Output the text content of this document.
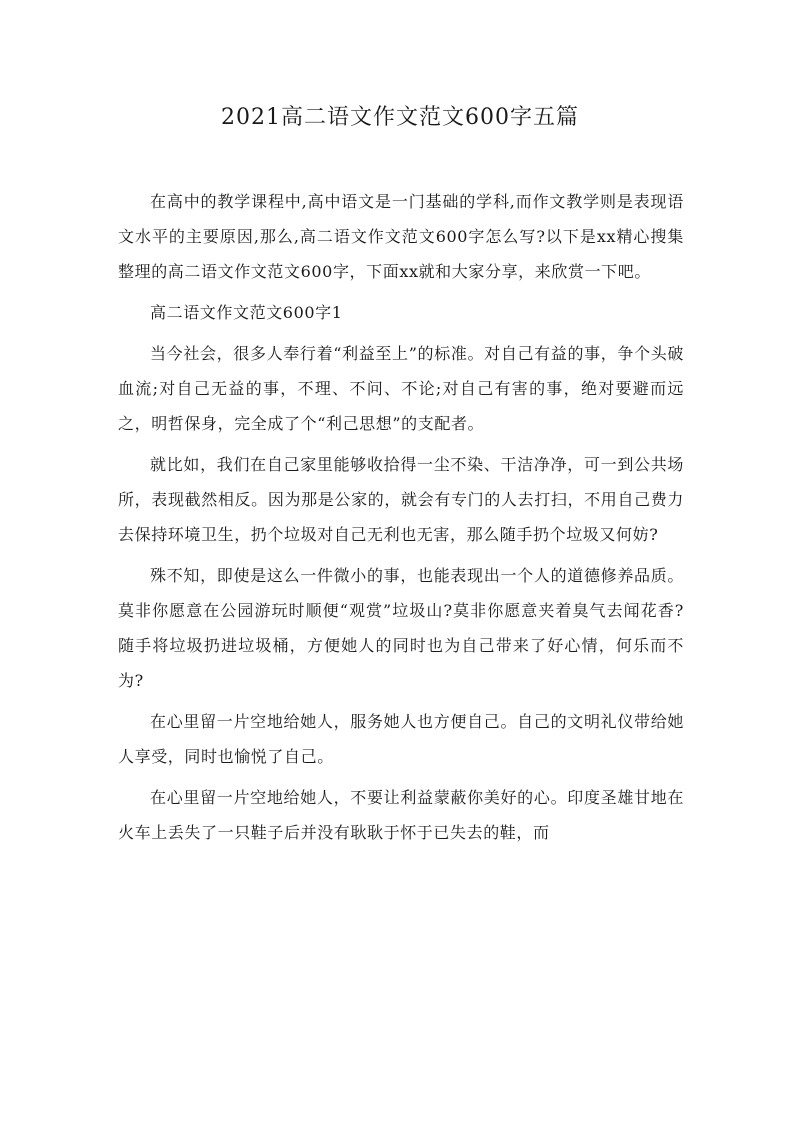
2021高二语文作文范文600字五篇

在高中的教学课程中,高中语文是一门基础的学科,而作文教学则是表现语文水平的主要原因,那么,高二语文作文范文600字怎么写?以下是xx精心搜集整理的高二语文作文范文600字，下面xx就和大家分享，来欣赏一下吧。

高二语文作文范文600字1

当今社会，很多人奉行着“利益至上”的标准。对自己有益的事，争个头破血流;对自己无益的事，不理、不问、不论;对自己有害的事，绝对要避而远之，明哲保身，完全成了个“利己思想”的支配者。

就比如，我们在自己家里能够收拾得一尘不染、干洁净净，可一到公共场所，表现截然相反。因为那是公家的，就会有专门的人去打扫，不用自己费力去保持环境卫生，扔个垃圾对自己无利也无害，那么随手扔个垃圾又何妨?

殊不知，即使是这么一件微小的事，也能表现出一个人的道德修养品质。莫非你愿意在公园游玩时顺便“观赏”垃圾山?莫非你愿意夹着臭气去闻花香?随手将垃圾扔进垃圾桶，方便她人的同时也为自己带来了好心情，何乐而不为?

在心里留一片空地给她人，服务她人也方便自己。自己的文明礼仪带给她人享受，同时也愉悦了自己。

在心里留一片空地给她人，不要让利益蒙蔽你美好的心。印度圣雄甘地在火车上丢失了一只鞋子后并没有耿耿于怀于已失去的鞋，而
